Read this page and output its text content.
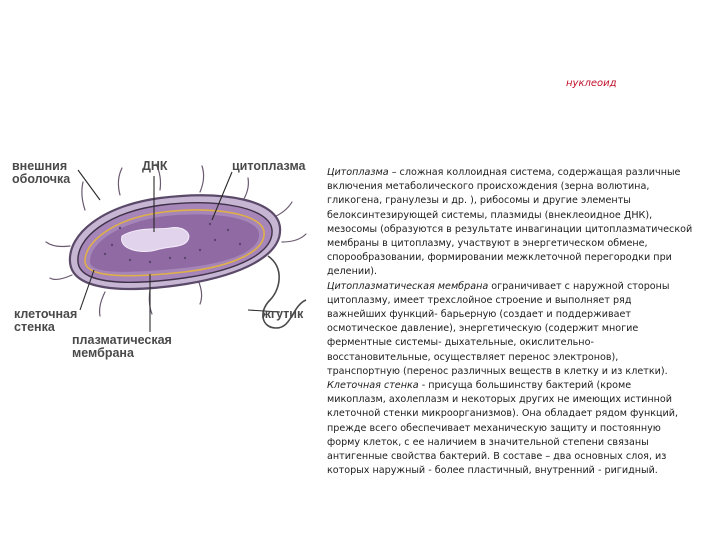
нуклеоид
внешния
оболочка
ДНК	цитоплазма
клеточная
стенка
жгутик
плазматическая
мембрана

Цитоплазма – сложная коллоидная система, содержащая различные включения метаболического происхождения (зерна волютина, гликогена, гранулезы и др. ), рибосомы и другие элементы белоксинтезирующей системы, плазмиды (внеклеоидное ДНК), мезосомы (образуются в результате инвагинации цитоплазматической мембраны в цитоплазму, участвуют в энергетическом обмене, спорообразовании, формировании межклеточной перегородки при делении).

Цитоплазматическая мембрана ограничивает с наружной стороны цитоплазму, имеет трехслойное строение и выполняет ряд важнейших функций- барьерную (создает и поддерживает осмотическое давление), энергетическую (содержит многие ферментные системы- дыхательные, окислительно-восстановительные, осуществляет перенос электронов), транспортную (перенос различных веществ в клетку и из клетки).

Клеточная стенка - присуща большинству бактерий (кроме микоплазм, ахолеплазм и некоторых других не имеющих истинной клеточной стенки микроорганизмов). Она обладает рядом функций, прежде всего обеспечивает механическую защиту и постоянную форму клеток, с ее наличием в значительной степени связаны антигенные свойства бактерий. В составе – два основных слоя, из которых наружный - более пластичный, внутренний - ригидный.
